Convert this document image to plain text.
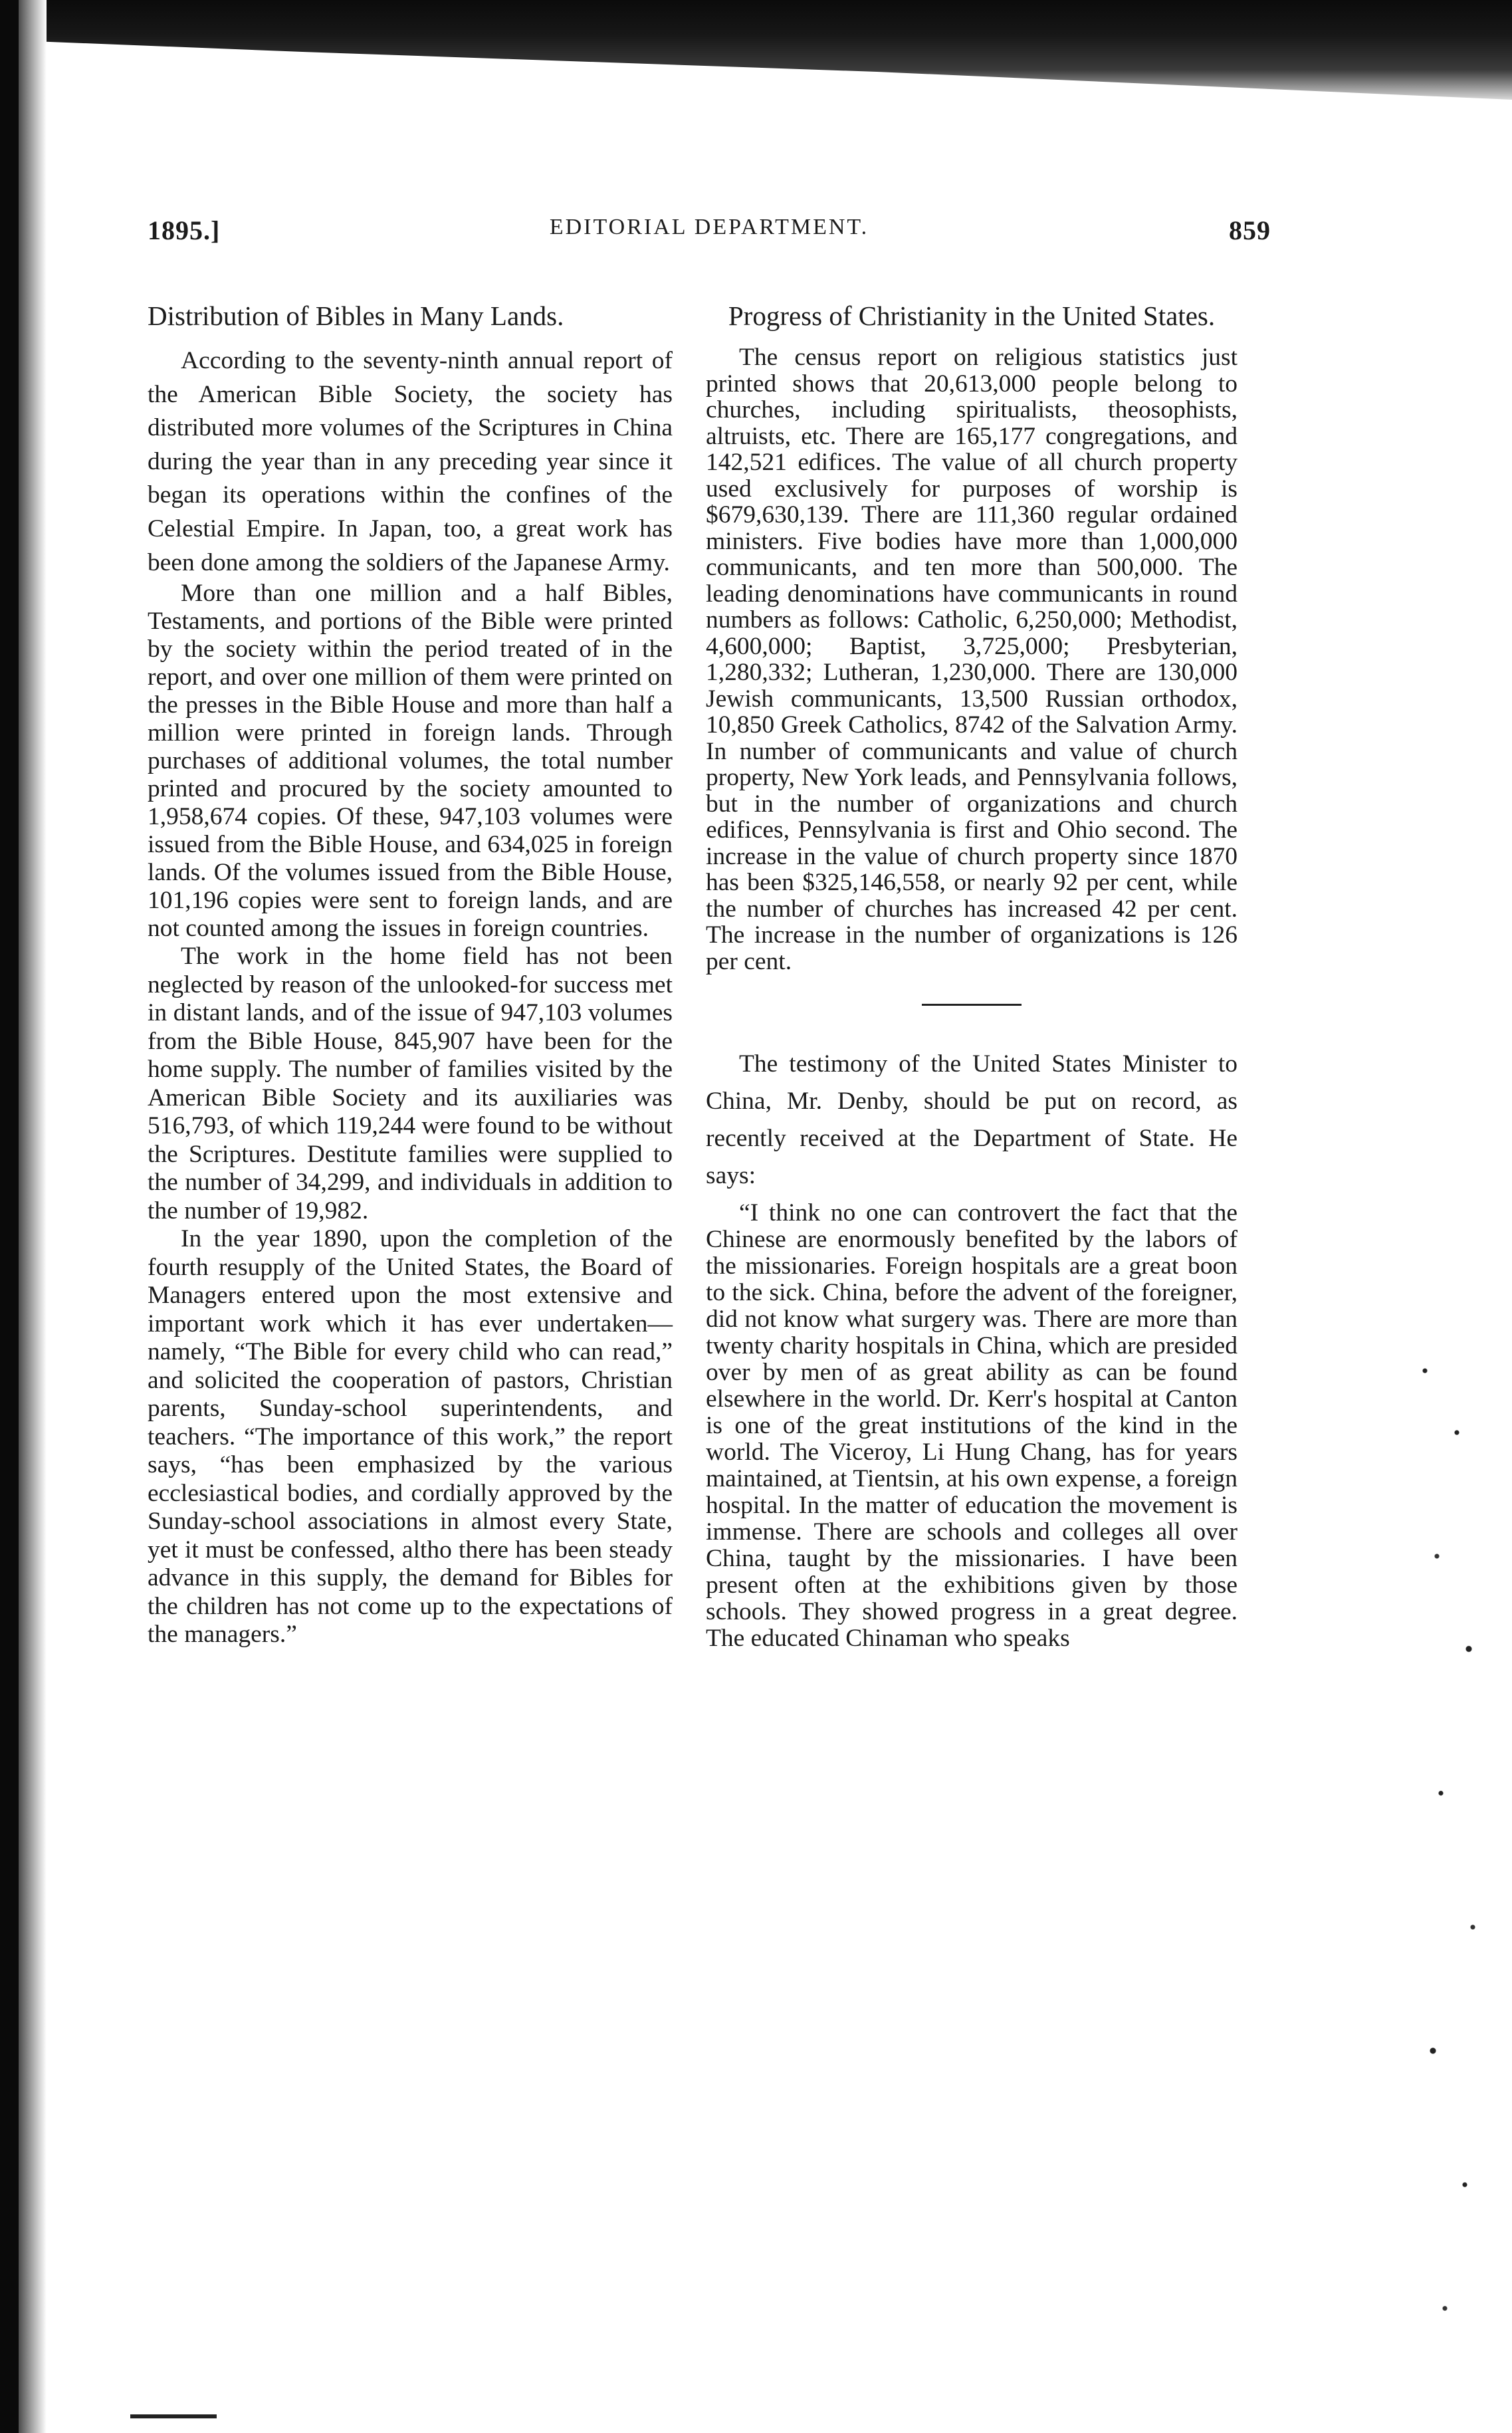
EDITORIAL DEPARTMENT.
1895.]	859
Distribution of Bibles in Many Lands.

According to the seventy-ninth annual report of the American Bible Society, the society has distributed more volumes of the Scriptures in China during the year than in any preceding year since it began its operations within the confines of the Celestial Empire. In Japan, too, a great work has been done among the soldiers of the Japanese Army.

More than one million and a half Bibles, Testaments, and portions of the Bible were printed by the society within the period treated of in the report, and over one million of them were printed on the presses in the Bible House and more than half a million were printed in foreign lands. Through purchases of additional volumes, the total number printed and procured by the society amounted to 1,958,674 copies. Of these, 947,103 volumes were issued from the Bible House, and 634,025 in foreign lands. Of the volumes issued from the Bible House, 101,196 copies were sent to foreign lands, and are not counted among the issues in foreign countries.

The work in the home field has not been neglected by reason of the unlooked-for success met in distant lands, and of the issue of 947,103 volumes from the Bible House, 845,907 have been for the home supply. The number of families visited by the American Bible Society and its auxiliaries was 516,793, of which 119,244 were found to be without the Scriptures. Destitute families were supplied to the number of 34,299, and individuals in addition to the number of 19,982.

In the year 1890, upon the completion of the fourth resupply of the United States, the Board of Managers entered upon the most extensive and important work which it has ever undertaken—namely, “The Bible for every child who can read,” and solicited the cooperation of pastors, Christian parents, Sunday-school superintendents, and teachers. “The importance of this work,” the report says, “has been emphasized by the various ecclesiastical bodies, and cordially approved by the Sunday-school associations in almost every State, yet it must be confessed, altho there has been steady advance in this supply, the demand for Bibles for the children has not come up to the expectations of the managers.”

Progress of Christianity in the United States.

The census report on religious statistics just printed shows that 20,613,000 people belong to churches, including spiritualists, theosophists, altruists, etc. There are 165,177 congregations, and 142,521 edifices. The value of all church property used exclusively for purposes of worship is $679,630,139. There are 111,360 regular ordained ministers. Five bodies have more than 1,000,000 communicants, and ten more than 500,000. The leading denominations have communicants in round numbers as follows: Catholic, 6,250,000; Methodist, 4,600,000; Baptist, 3,725,000; Presbyterian, 1,280,332; Lutheran, 1,230,000. There are 130,000 Jewish communicants, 13,500 Russian orthodox, 10,850 Greek Catholics, 8742 of the Salvation Army. In number of communicants and value of church property, New York leads, and Pennsylvania follows, but in the number of organizations and church edifices, Pennsylvania is first and Ohio second. The increase in the value of church property since 1870 has been $325,146,558, or nearly 92 per cent, while the number of churches has increased 42 per cent. The increase in the number of organizations is 126 per cent.

The testimony of the United States Minister to China, Mr. Denby, should be put on record, as recently received at the Department of State. He says:

“I think no one can controvert the fact that the Chinese are enormously benefited by the labors of the missionaries. Foreign hospitals are a great boon to the sick. China, before the advent of the foreigner, did not know what surgery was. There are more than twenty charity hospitals in China, which are presided over by men of as great ability as can be found elsewhere in the world. Dr. Kerr's hospital at Canton is one of the great institutions of the kind in the world. The Viceroy, Li Hung Chang, has for years maintained, at Tientsin, at his own expense, a foreign hospital. In the matter of education the movement is immense. There are schools and colleges all over China, taught by the missionaries. I have been present often at the exhibitions given by those schools. They showed progress in a great degree. The educated Chinaman who speaks
